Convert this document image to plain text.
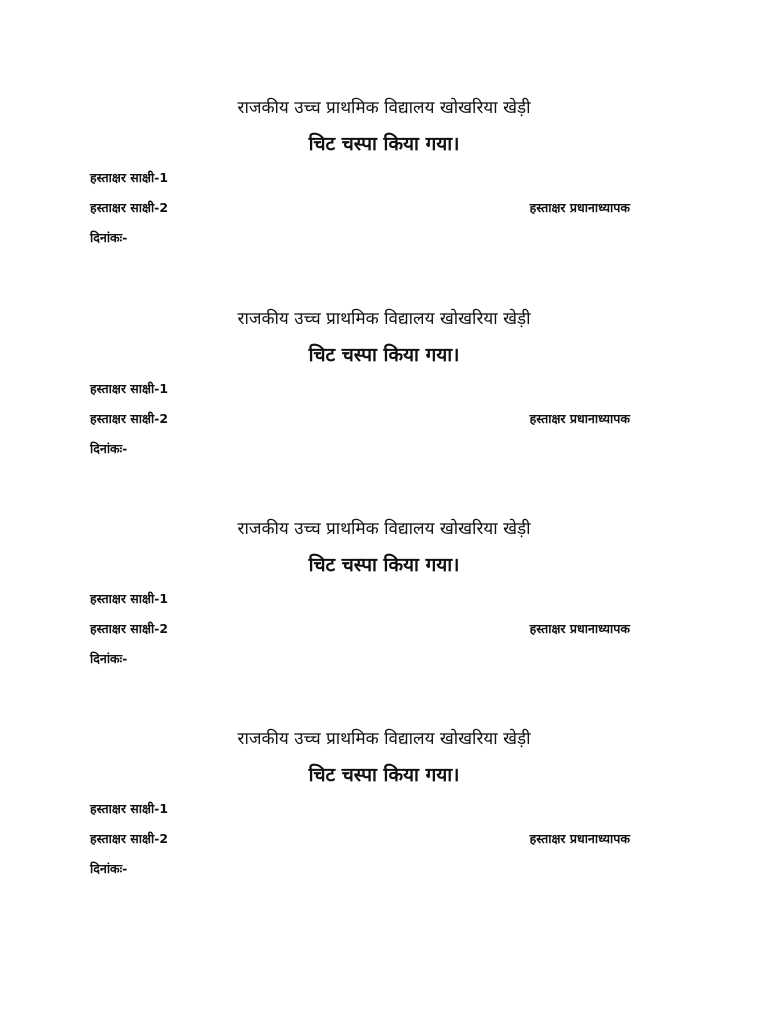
राजकीय उच्च प्राथमिक विद्यालय खोखरिया खेड़ी
चिट चस्पा किया गया।
हस्ताक्षर साक्षी-1
हस्ताक्षर साक्षी-2	हस्ताक्षर प्रधानाध्यापक
दिनांकः-
राजकीय उच्च प्राथमिक विद्यालय खोखरिया खेड़ी
चिट चस्पा किया गया।
हस्ताक्षर साक्षी-1
हस्ताक्षर साक्षी-2	हस्ताक्षर प्रधानाध्यापक
दिनांकः-
राजकीय उच्च प्राथमिक विद्यालय खोखरिया खेड़ी
चिट चस्पा किया गया।
हस्ताक्षर साक्षी-1
हस्ताक्षर साक्षी-2	हस्ताक्षर प्रधानाध्यापक
दिनांकः-
राजकीय उच्च प्राथमिक विद्यालय खोखरिया खेड़ी
चिट चस्पा किया गया।
हस्ताक्षर साक्षी-1
हस्ताक्षर साक्षी-2	हस्ताक्षर प्रधानाध्यापक
दिनांकः-
